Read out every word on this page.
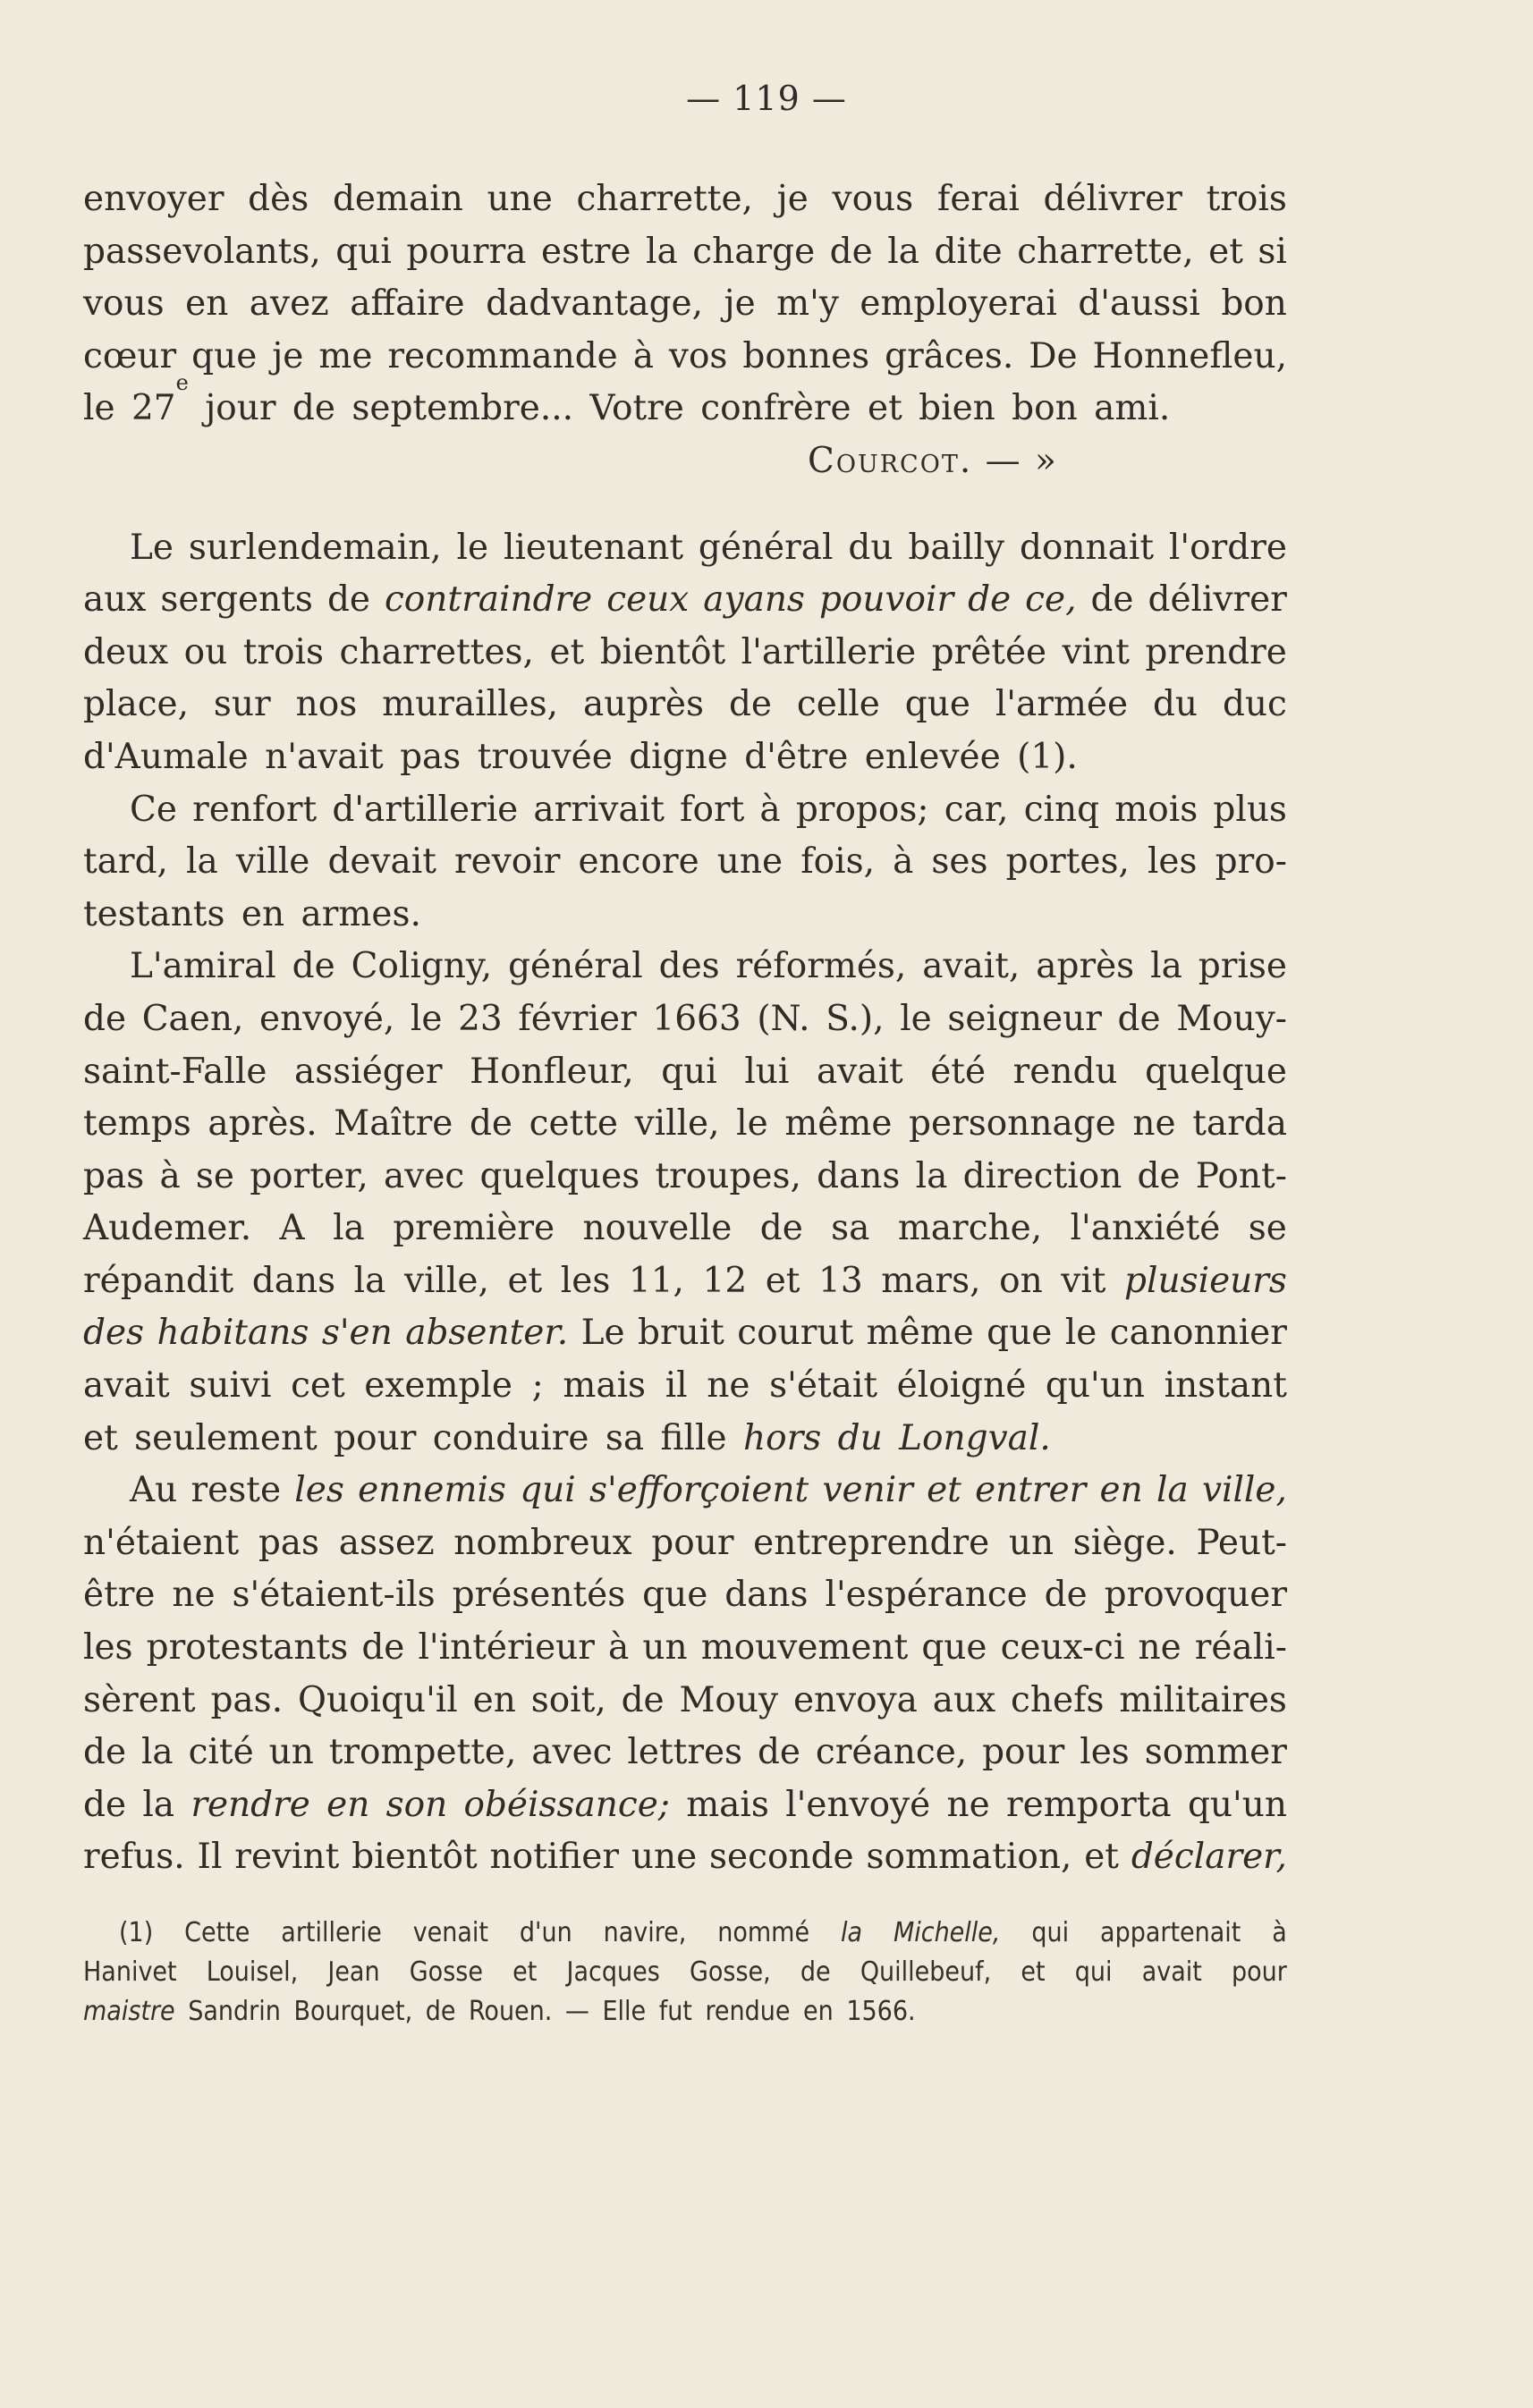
— 119 —
envoyer dès demain une charrette, je vous ferai délivrer trois
passevolants, qui pourra estre la charge de la dite charrette, et si
vous en avez affaire dadvantage, je m'y employerai d'aussi bon
cœur que je me recommande à vos bonnes grâces. De Honnefleu,
le 27
e

jour de septembre... Votre confrère et bien bon ami.
Courcot. — »
Le surlendemain, le lieutenant général du bailly donnait l'ordre
aux sergents de contraindre ceux ayans pouvoir de ce, de délivrer
deux ou trois charrettes, et bientôt l'artillerie prêtée vint prendre
place, sur nos murailles, auprès de celle que l'armée du duc
d'Aumale n'avait pas trouvée digne d'être enlevée (1).
Ce renfort d'artillerie arrivait fort à propos; car, cinq mois plus
tard, la ville devait revoir encore une fois, à ses portes, les pro-
testants en armes.
L'amiral de Coligny, général des réformés, avait, après la prise
de Caen, envoyé, le 23 février 1663 (N. S.), le seigneur de Mouy-
saint-Falle assiéger Honfleur, qui lui avait été rendu quelque
temps après. Maître de cette ville, le même personnage ne tarda
pas à se porter, avec quelques troupes, dans la direction de Pont-
Audemer. A la première nouvelle de sa marche, l'anxiété se
répandit dans la ville, et les 11, 12 et 13 mars, on vit plusieurs
des habitans s'en absenter. Le bruit courut même que le canonnier
avait suivi cet exemple ; mais il ne s'était éloigné qu'un instant
et seulement pour conduire sa fille
hors du Longval.
Au reste les ennemis qui s'efforçoient venir et entrer en la ville,
n'étaient pas assez nombreux pour entreprendre un siège. Peut-
être ne s'étaient-ils présentés que dans l'espérance de provoquer
les protestants de l'intérieur à un mouvement que ceux-ci ne réali-
sèrent pas. Quoiqu'il en soit, de Mouy envoya aux chefs militaires
de la cité un trompette, avec lettres de créance, pour les sommer
de la rendre en son obéissance; mais l'envoyé ne remporta qu'un
refus. Il revint bientôt notifier une seconde sommation, et déclarer,
(1) Cette artillerie venait d'un navire, nommé la Michelle, qui appartenait à
Hanivet Louisel, Jean Gosse et Jacques Gosse, de Quillebeuf, et qui avait pour
maistre
Sandrin Bourquet, de Rouen. — Elle fut rendue en 1566.
